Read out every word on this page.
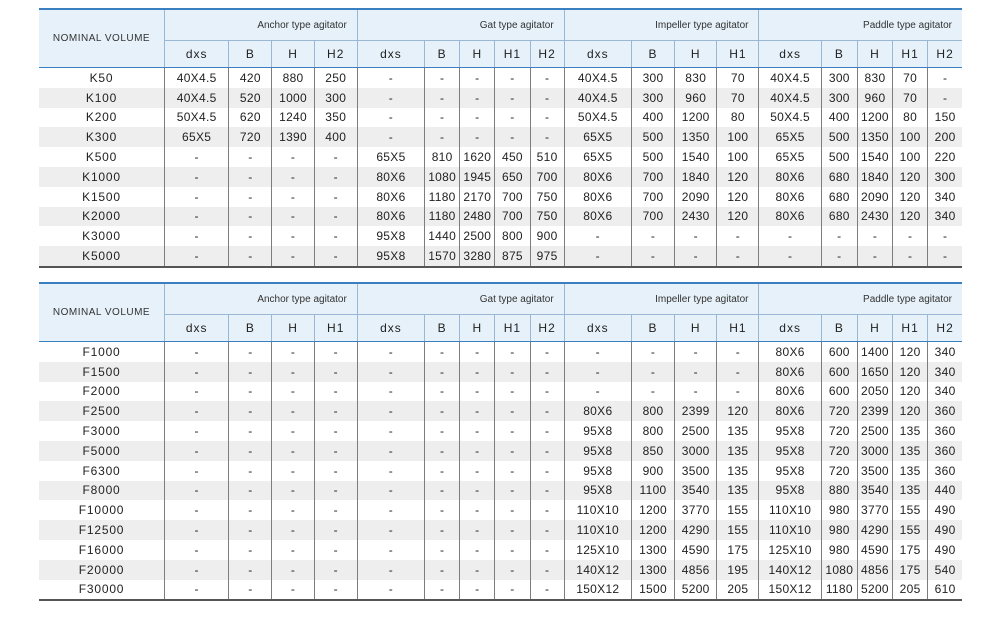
NOMINAL VOLUME	Anchor type agitator				Gat type agitator					Impeller type agitator				Paddle type agitator				
	dxs	B	H	H2	dxs	B	H	H1	H2	dxs	B	H	H1	dxs	B	H	H1	H2
K50	40X4.5	420	880	250	-	-	-	-	-	40X4.5	300	830	70	40X4.5	300	830	70	-
K100	40X4.5	520	1000	300	-	-	-	-	-	40X4.5	300	960	70	40X4.5	300	960	70	-
K200	50X4.5	620	1240	350	-	-	-	-	-	50X4.5	400	1200	80	50X4.5	400	1200	80	150
K300	65X5	720	1390	400	-	-	-	-	-	65X5	500	1350	100	65X5	500	1350	100	200
K500	-	-	-	-	65X5	810	1620	450	510	65X5	500	1540	100	65X5	500	1540	100	220
K1000	-	-	-	-	80X6	1080	1945	650	700	80X6	700	1840	120	80X6	680	1840	120	300
K1500	-	-	-	-	80X6	1180	2170	700	750	80X6	700	2090	120	80X6	680	2090	120	340
K2000	-	-	-	-	80X6	1180	2480	700	750	80X6	700	2430	120	80X6	680	2430	120	340
K3000	-	-	-	-	95X8	1440	2500	800	900	-	-	-	-	-	-	-	-	-
K5000	-	-	-	-	95X8	1570	3280	875	975	-	-	-	-	-	-	-	-	-
NOMINAL VOLUME	Anchor type agitator				Gat type agitator					Impeller type agitator				Paddle type agitator				
	dxs	B	H	H1	dxs	B	H	H1	H2	dxs	B	H	H1	dxs	B	H	H1	H2
F1000	-	-	-	-	-	-	-	-	-	-	-	-	-	80X6	600	1400	120	340
F1500	-	-	-	-	-	-	-	-	-	-	-	-	-	80X6	600	1650	120	340
F2000	-	-	-	-	-	-	-	-	-	-	-	-	-	80X6	600	2050	120	340
F2500	-	-	-	-	-	-	-	-	-	80X6	800	2399	120	80X6	720	2399	120	360
F3000	-	-	-	-	-	-	-	-	-	95X8	800	2500	135	95X8	720	2500	135	360
F5000	-	-	-	-	-	-	-	-	-	95X8	850	3000	135	95X8	720	3000	135	360
F6300	-	-	-	-	-	-	-	-	-	95X8	900	3500	135	95X8	720	3500	135	360
F8000	-	-	-	-	-	-	-	-	-	95X8	1100	3540	135	95X8	880	3540	135	440
F10000	-	-	-	-	-	-	-	-	-	110X10	1200	3770	155	110X10	980	3770	155	490
F12500	-	-	-	-	-	-	-	-	-	110X10	1200	4290	155	110X10	980	4290	155	490
F16000	-	-	-	-	-	-	-	-	-	125X10	1300	4590	175	125X10	980	4590	175	490
F20000	-	-	-	-	-	-	-	-	-	140X12	1300	4856	195	140X12	1080	4856	175	540
F30000	-	-	-	-	-	-	-	-	-	150X12	1500	5200	205	150X12	1180	5200	205	610
